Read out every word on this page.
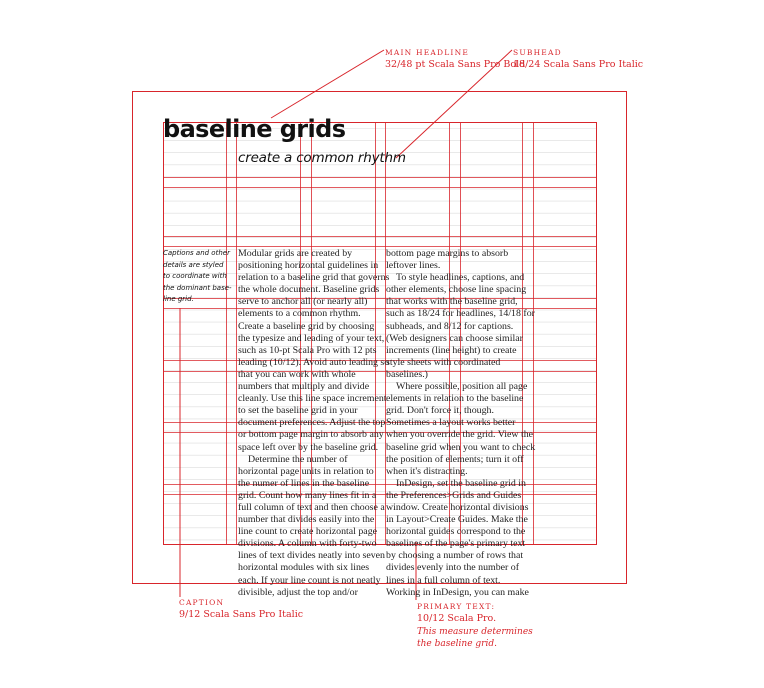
MAIN HEADLINE
32/48 pt Scala Sans Pro Bold
SUBHEAD
18/24 Scala Sans Pro Italic
CAPTION
9/12 Scala Sans Pro Italic
PRIMARY TEXT:
10/12 Scala Pro.
This measure determines
the baseline grid.
baseline grids
create a common rhythm
Captions and other
details are styled
to coordinate with
the dominant base-
line grid.
Modular grids are created by
positioning horizontal guidelines in
relation to a baseline grid that governs
the whole document. Baseline grids
serve to anchor all (or nearly all)
elements to a common rhythm.
Create a baseline grid by choosing
the typesize and leading of your text,
such as 10-pt Scala Pro with 12 pts
leading (10/12). Avoid auto leading so
that you can work with whole
numbers that multiply and divide
cleanly. Use this line space increment
to set the baseline grid in your
document preferences. Adjust the top
or bottom page margin to absorb any
space left over by the baseline grid.
Determine the number of
horizontal page units in relation to
the numer of lines in the baseline
grid. Count how many lines fit in a
full column of text and then choose a
number that divides easily into the
line count to create horizontal page
divisions. A column with forty-two
lines of text divides neatly into seven
horizontal modules with six lines
each. If your line count is not neatly
divisible, adjust the top and/or
bottom page margins to absorb
leftover lines.
To style headlines, captions, and
other elements, choose line spacing
that works with the baseline grid,
such as 18/24 for headlines, 14/18 for
subheads, and 8/12 for captions.
(Web designers can choose similar
increments (line height) to create
style sheets with coordinated
baselines.)
Where possible, position all page
elements in relation to the baseline
grid. Don't force it, though.
Sometimes a layout works better
when you override the grid. View the
baseline grid when you want to check
the position of elements; turn it off
when it's distracting.
InDesign, set the baseline grid in
the Preferences>Grids and Guides
window. Create horizontal divisions
in Layout>Create Guides. Make the
horizontal guides correspond to the
baselines of the page's primary text
by choosing a number of rows that
divides evenly into the number of
lines in a full column of text.
Working in InDesign, you can make
